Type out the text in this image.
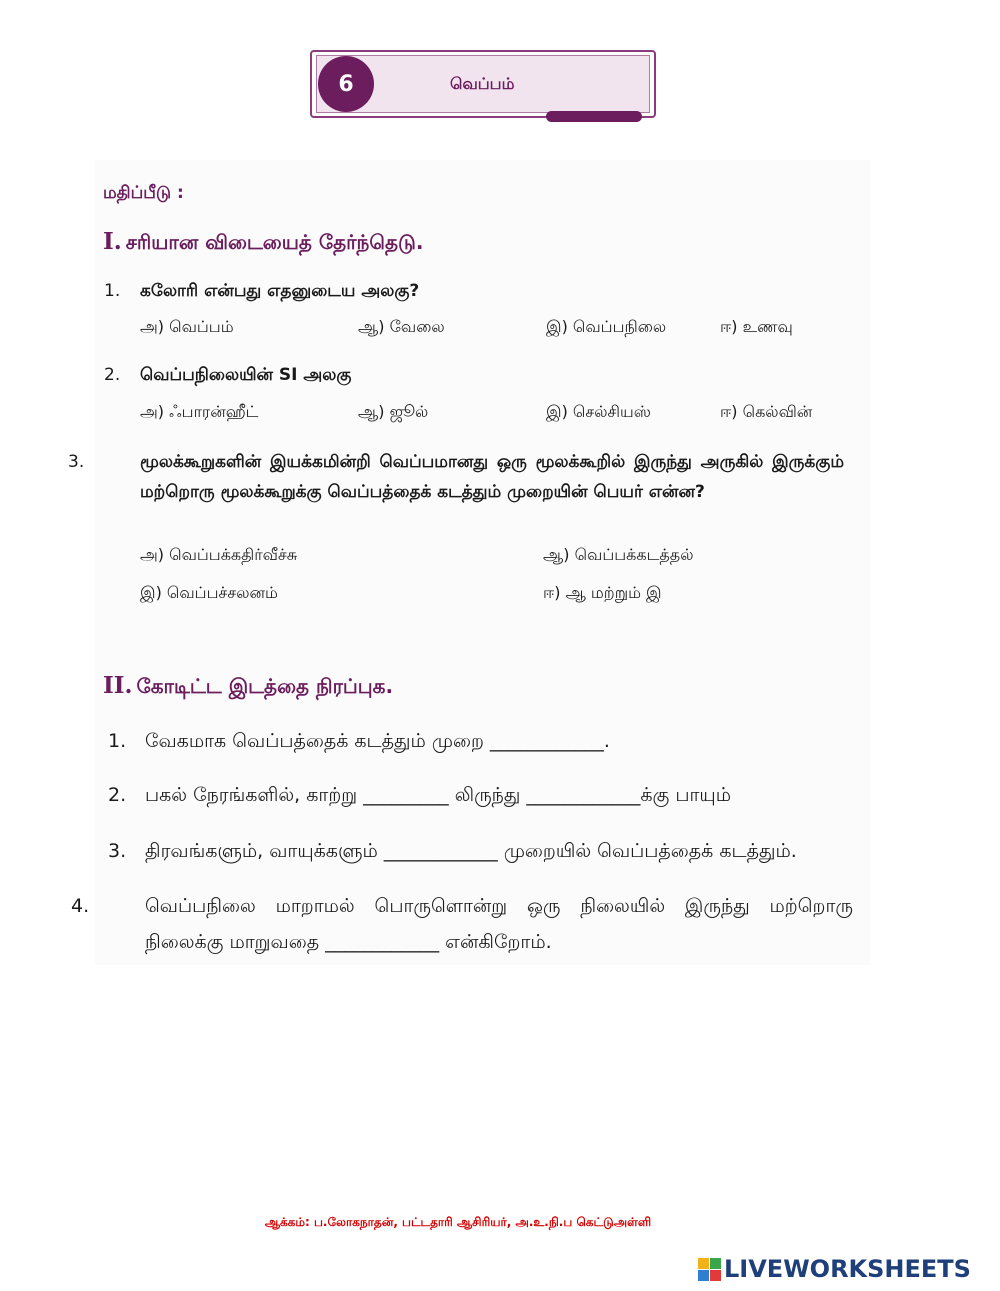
6	வெப்பம்
மதிப்பீடு :
I. சரியான விடையைத் தேர்ந்தெடு.
1. கலோரி என்பது எதனுடைய அலகு?
அ) வெப்பம்	ஆ) வேலை	இ) வெப்பநிலை	ஈ) உணவு
2. வெப்பநிலையின் SI அலகு
அ) ஃபாரன்ஹீட்	ஆ) ஜூல்	இ) செல்சியஸ்	ஈ) கெல்வின்
3.	மூலக்கூறுகளின் இயக்கமின்றி வெப்பமானது ஒரு மூலக்கூறில் இருந்து அருகில் இருக்கும் மற்றொரு மூலக்கூறுக்கு வெப்பத்தைக் கடத்தும் முறையின் பெயர் என்ன?
அ) வெப்பக்கதிர்வீச்சு	ஆ) வெப்பக்கடத்தல்
இ) வெப்பச்சலனம்	ஈ) ஆ மற்றும் இ
II. கோடிட்ட இடத்தை நிரப்புக.
1. வேகமாக வெப்பத்தைக் கடத்தும் முறை ____________.
2. பகல் நேரங்களில், காற்று _________ லிருந்து ____________க்கு பாயும்
3. திரவங்களும், வாயுக்களும் ____________ முறையில் வெப்பத்தைக் கடத்தும்.
4.	வெப்பநிலை மாறாமல் பொருளொன்று ஒரு நிலையில் இருந்து மற்றொரு நிலைக்கு மாறுவதை ____________ என்கிறோம்.
ஆக்கம்: ப.லோகநாதன், பட்டதாரி ஆசிரியர், அ.உ.நி.ப கெட்டுஅள்ளி
LIVEWORKSHEETS
